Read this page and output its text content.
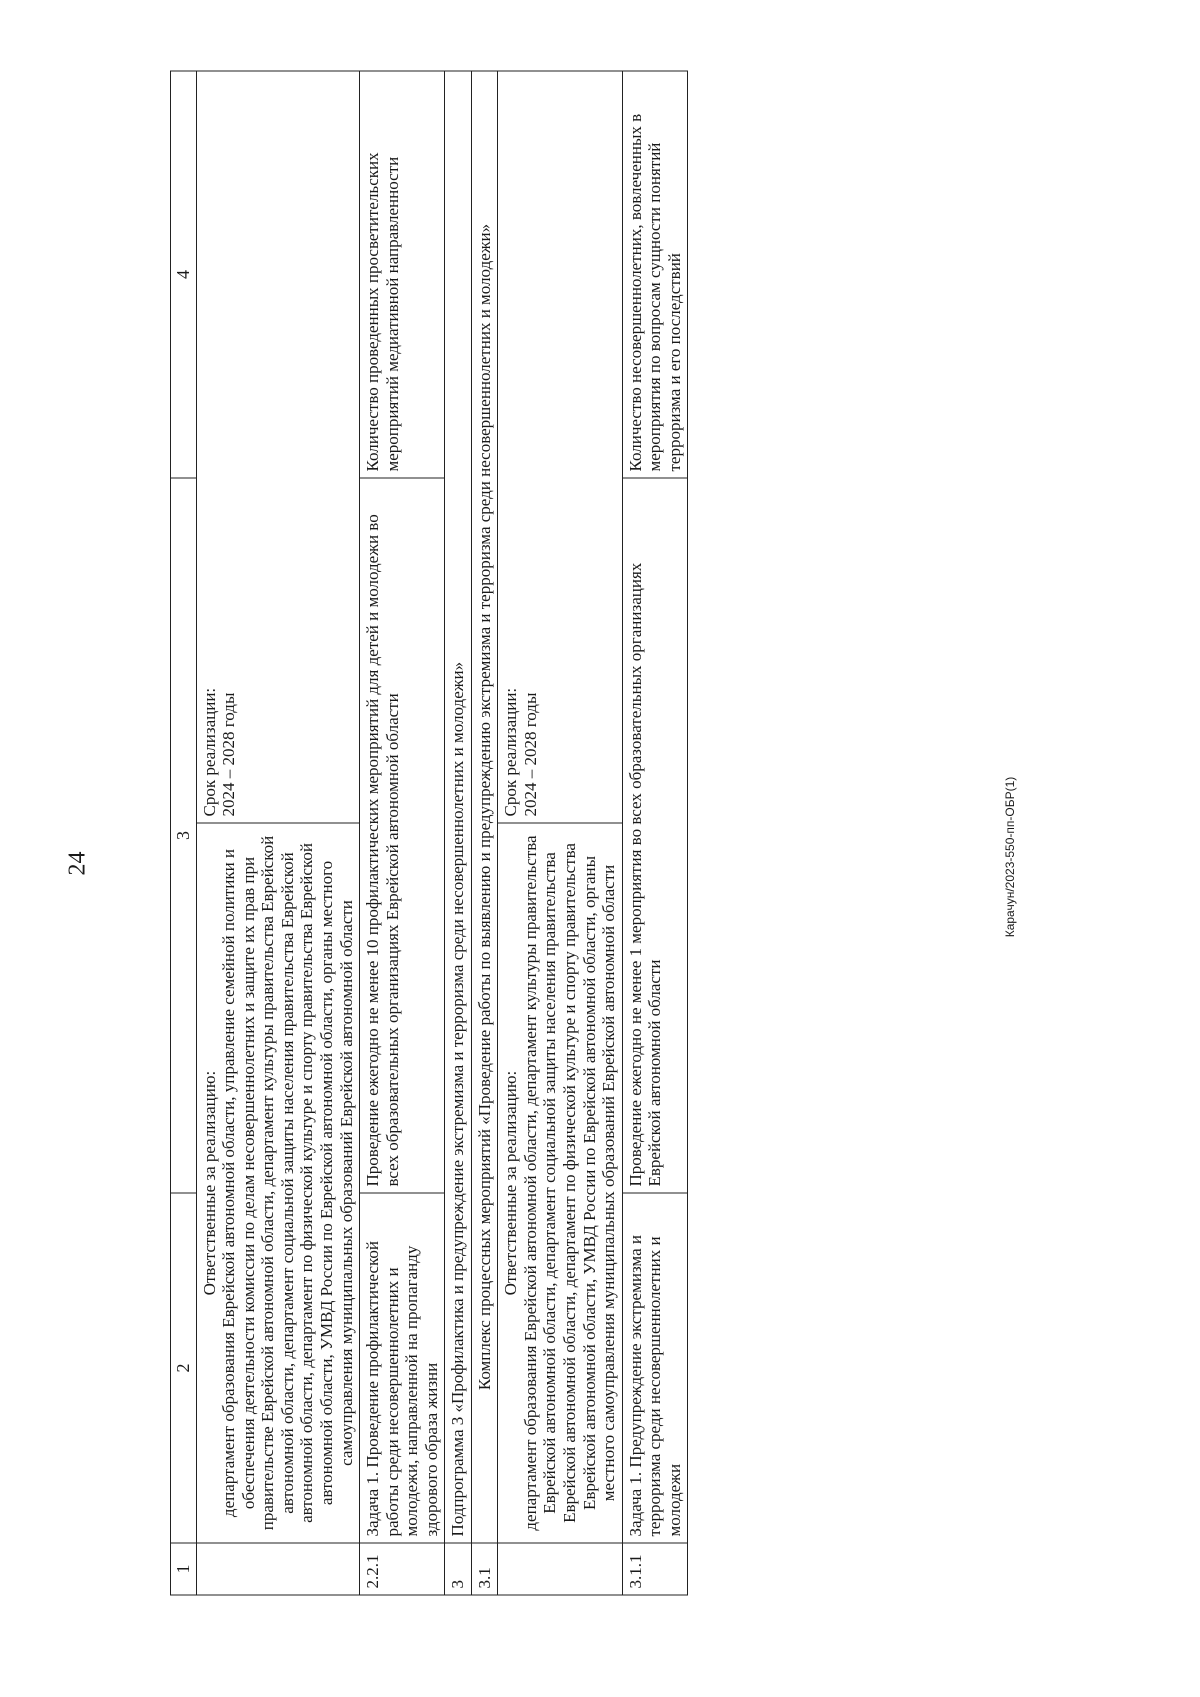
24	Карачун/2023-550-пп-ОБР(1)
1	2	3		4

	Ответственные за реализацию: департамент образования Еврейской автономной области, управление семейной политики и обеспечения деятельности комиссии по делам несовершеннолетних и защите их прав при правительстве Еврейской автономной области, департамент культуры правительства Еврейской автономной области, департамент социальной защиты населения правительства Еврейской автономной области, департамент по физической культуре и спорту правительства Еврейской автономной области, УМВД России по Еврейской автономной области, органы местного самоуправления муниципальных образований Еврейской автономной области		Срок реализации:
2024 – 2028 годы	
2.2.1	Задача 1. Проведение профилактической работы среди несовершеннолетних и молодежи, направленной на пропаганду здорового образа жизни	Проведение ежегодно не менее 10 профилактических мероприятий для детей и молодежи во всех образовательных организациях Еврейской автономной области		Количество проведенных просветительских мероприятий медиативной направленности
3	Подпрограмма 3 «Профилактика и предупреждение экстремизма и терроризма среди несовершеннолетних и молодежи»			
3.1	Комплекс процессных мероприятий «Проведение работы по выявлению и предупреждению экстремизма и терроризма среди несовершеннолетних и молодежи»			

	Ответственные за реализацию: департамент образования Еврейской автономной области, департамент культуры правительства Еврейской автономной области, департамент социальной защиты населения правительства Еврейской автономной области, департамент по физической культуре и спорту правительства Еврейской автономной области, УМВД России по Еврейской автономной области, органы местного самоуправления муниципальных образований Еврейской автономной области		Срок реализации:
2024 – 2028 годы	
3.1.1	Задача 1. Предупреждение экстремизма и терроризма среди несовершеннолетних и молодежи	Проведение ежегодно не менее 1 мероприятия во всех образовательных организациях Еврейской автономной области		Количество несовершеннолетних, вовлеченных в мероприятия по вопросам сущности понятий терроризма и его последствий
